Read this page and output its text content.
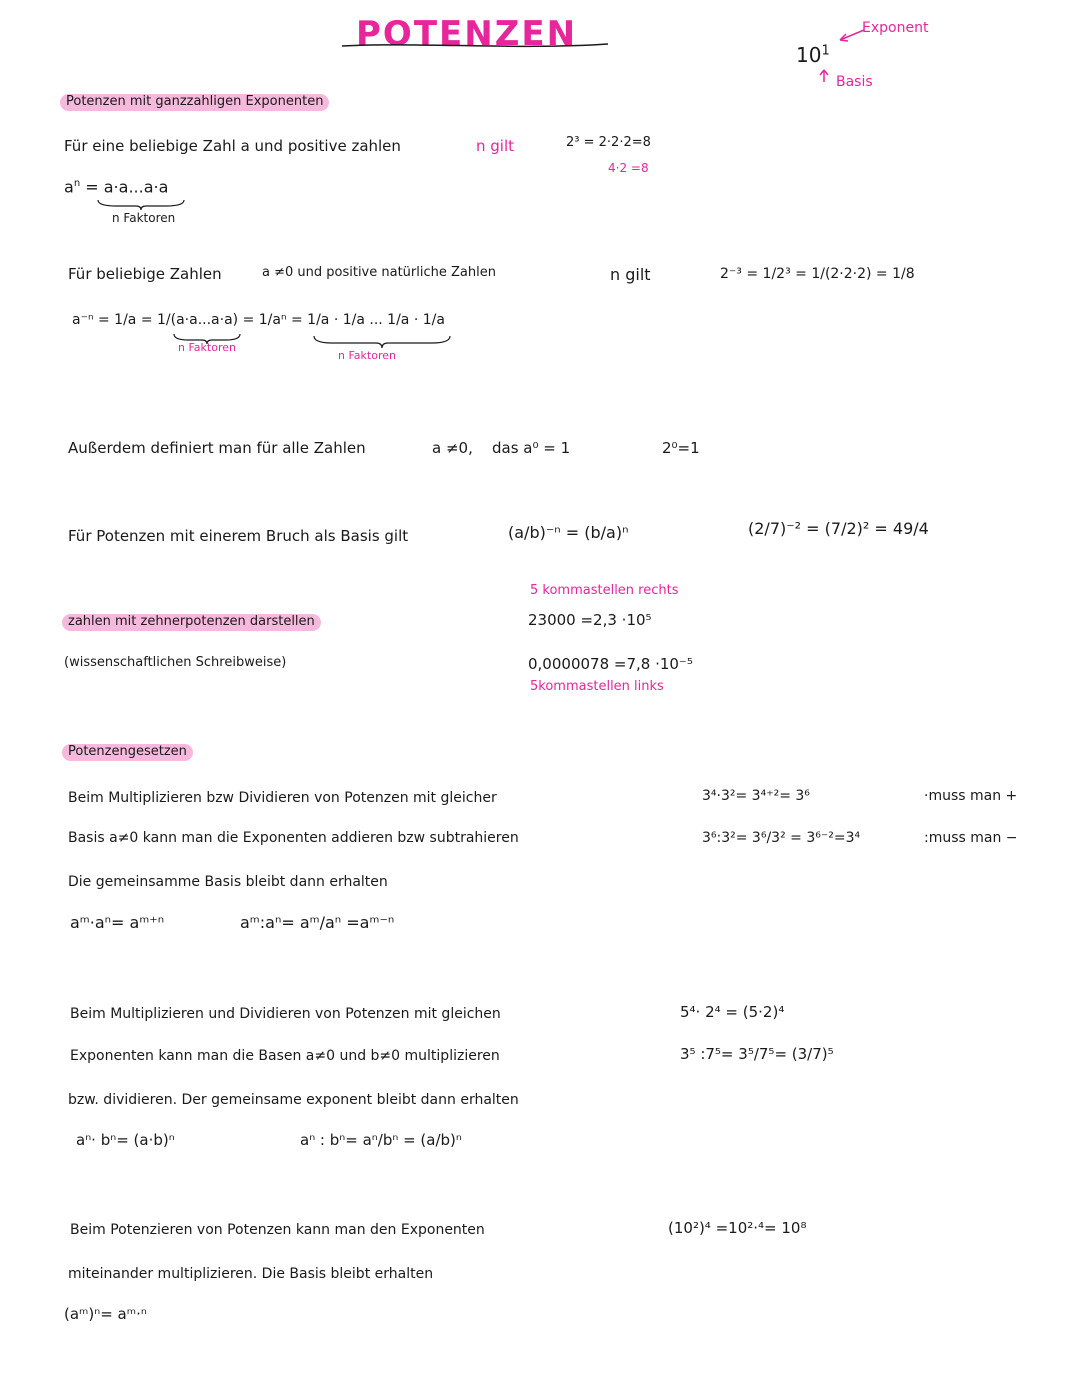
POTENZEN
$10^1$
Exponent
Basis
Potenzen mit ganzzahligen Exponenten
Für eine beliebige Zahl a und positive zahlen	n gilt
$a^n = a\cdot a...a\cdot a$
n Faktoren
2³ = 2·2·2=8
4·2 =8
Für beliebige Zahlen	a ≠0 und positive natürliche Zahlen	n gilt
a⁻ⁿ = 1/a = 1/(a·a...a·a) = 1/aⁿ = 1/a · 1/a ... 1/a · 1/a
n Faktoren
n Faktoren
2⁻³ = 1/2³ = 1/(2·2·2) = 1/8
Außerdem definiert man für alle Zahlen	a ≠0, das a⁰ = 1	2⁰=1
Für Potenzen mit einerem Bruch als Basis gilt	(a/b)⁻ⁿ = (b/a)ⁿ	(2/7)⁻² = (7/2)² = 49/4
5 kommastellen rechts
zahlen mit zehnerpotenzen darstellen	23000 =2,3 ·10⁵
(wissenschaftlichen Schreibweise)	0,0000078 =7,8 ·10⁻⁵
5kommastellen links
Potenzengesetzen
Beim Multiplizieren bzw Dividieren von Potenzen mit gleicher
Basis a≠0 kann man die Exponenten addieren bzw subtrahieren
Die gemeinsamme Basis bleibt dann erhalten
aᵐ·aⁿ= aᵐ⁺ⁿ	aᵐ:aⁿ= aᵐ/aⁿ =aᵐ⁻ⁿ
3⁴·3²= 3⁴⁺²= 3⁶
3⁶:3²= 3⁶/3² = 3⁶⁻²=3⁴
·muss man +
:muss man −
Beim Multiplizieren und Dividieren von Potenzen mit gleichen
Exponenten kann man die Basen a≠0 und b≠0 multiplizieren
bzw. dividieren. Der gemeinsame exponent bleibt dann erhalten
aⁿ· bⁿ= (a·b)ⁿ	aⁿ : bⁿ= aⁿ/bⁿ = (a/b)ⁿ
5⁴· 2⁴ = (5·2)⁴
3⁵ :7⁵= 3⁵/7⁵= (3/7)⁵
Beim Potenzieren von Potenzen kann man den Exponenten
miteinander multiplizieren. Die Basis bleibt erhalten
(aᵐ)ⁿ= aᵐ·ⁿ
(10²)⁴ =10²·⁴= 10⁸
